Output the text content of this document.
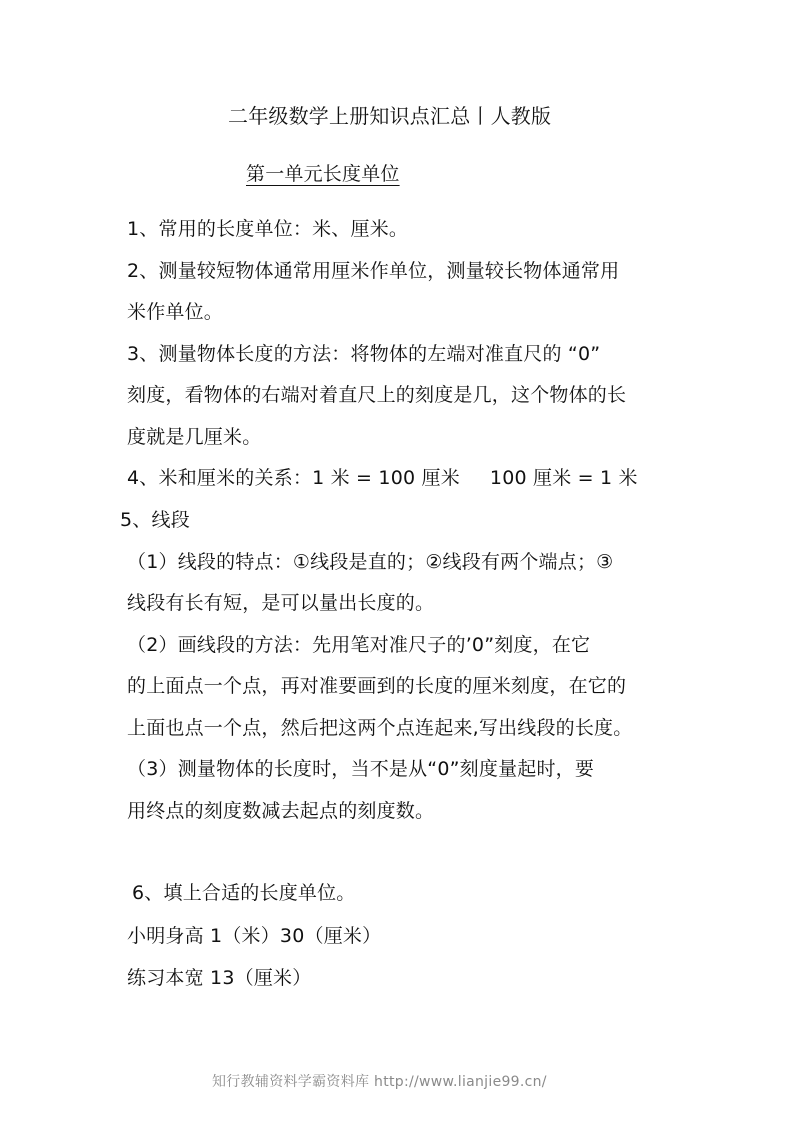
二年级数学上册知识点汇总丨人教版
第一单元长度单位
1、常用的长度单位：米、厘米。
2、测量较短物体通常用厘米作单位，测量较长物体通常用
米作单位。
3、测量物体长度的方法：将物体的左端对准直尺的 “0”
刻度，看物体的右端对着直尺上的刻度是几，这个物体的长
度就是几厘米。
4、米和厘米的关系：1 米 = 100 厘米 100 厘米 = 1 米
5、线段
（1）线段的特点：①线段是直的；②线段有两个端点；③
线段有长有短，是可以量出长度的。
（2）画线段的方法：先用笔对准尺子的’0”刻度，在它
的上面点一个点，再对准要画到的长度的厘米刻度，在它的
上面也点一个点，然后把这两个点连起来,写出线段的长度。
（3）测量物体的长度时，当不是从“0”刻度量起时，要
用终点的刻度数减去起点的刻度数。
6、填上合适的长度单位。
小明身高 1（米）30（厘米）
练习本宽 13（厘米）
知行教辅资料学霸资料库 http://www.lianjie99.cn/
